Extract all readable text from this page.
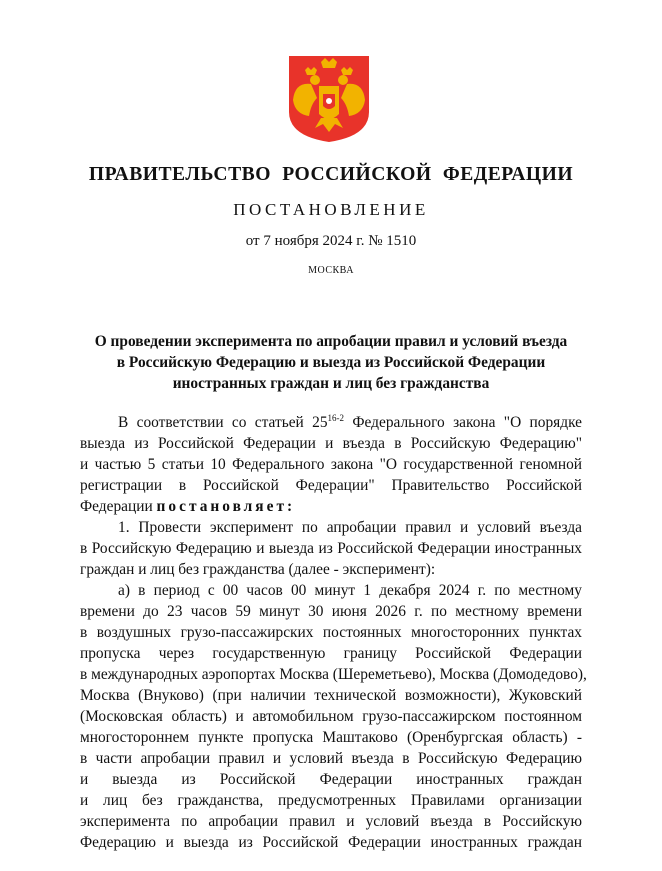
ПРАВИТЕЛЬСТВО РОССИЙСКОЙ ФЕДЕРАЦИИ
ПОСТАНОВЛЕНИЕ
от 7 ноября 2024 г. № 1510
МОСКВА
О проведении эксперимента по апробации правил и условий въезда
в Российскую Федерацию и выезда из Российской Федерации
иностранных граждан и лиц без гражданства
В соответствии со статьей 25$^{16-2}$ Федерального закона "О порядке
выезда из Российской Федерации и въезда в Российскую Федерацию"
и частью 5 статьи 10 Федерального закона "О государственной геномной
регистрации в Российской Федерации" Правительство Российской
Федерации постановляет:
1. Провести эксперимент по апробации правил и условий въезда
в Российскую Федерацию и выезда из Российской Федерации иностранных
граждан и лиц без гражданства (далее - эксперимент):
а) в период с 00 часов 00 минут 1 декабря 2024 г. по местному
времени до 23 часов 59 минут 30 июня 2026 г. по местному времени
в воздушных грузо-пассажирских постоянных многосторонних пунктах
пропуска через государственную границу Российской Федерации
в международных аэропортах Москва (Шереметьево), Москва (Домодедово),
Москва (Внуково) (при наличии технической возможности), Жуковский
(Московская область) и автомобильном грузо-пассажирском постоянном
многостороннем пункте пропуска Маштаково (Оренбургская область) -
в части апробации правил и условий въезда в Российскую Федерацию
и выезда из Российской Федерации иностранных граждан
и лиц без гражданства, предусмотренных Правилами организации
эксперимента по апробации правил и условий въезда в Российскую
Федерацию и выезда из Российской Федерации иностранных граждан
